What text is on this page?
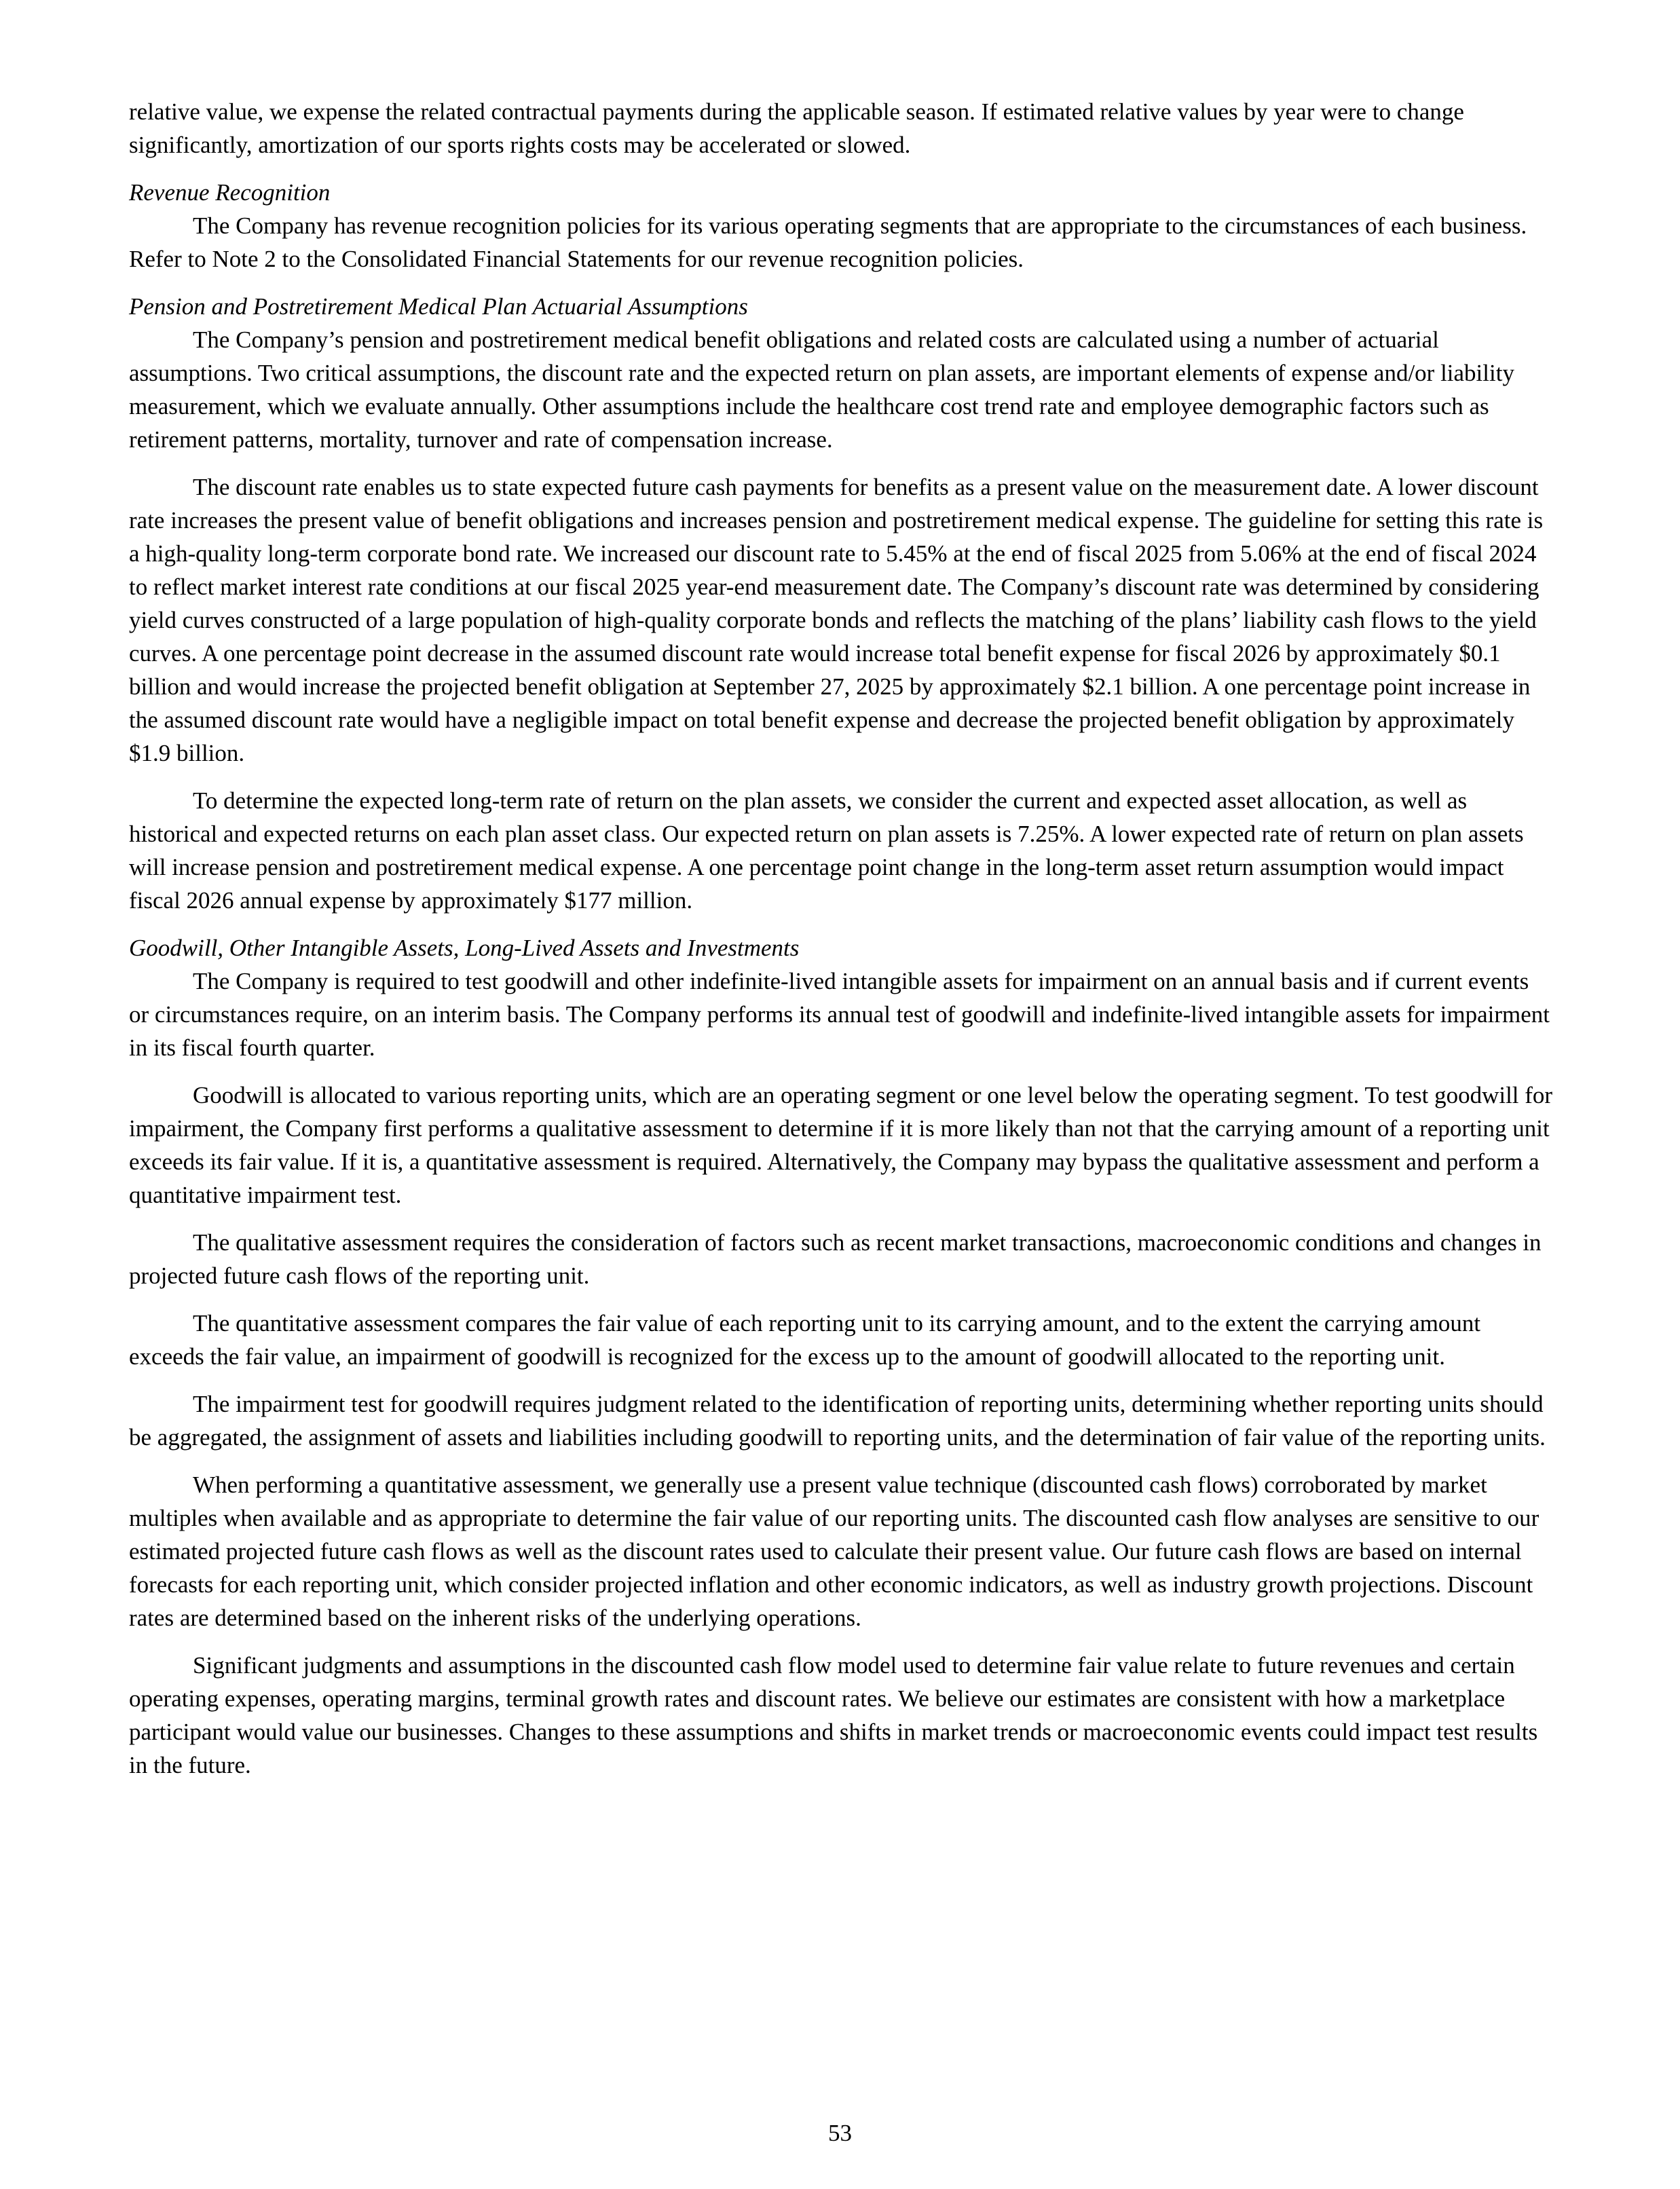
relative value, we expense the related contractual payments during the applicable season. If estimated relative values by year were to change significantly, amortization of our sports rights costs may be accelerated or slowed.

Revenue Recognition

The Company has revenue recognition policies for its various operating segments that are appropriate to the circumstances of each business. Refer to Note 2 to the Consolidated Financial Statements for our revenue recognition policies.

Pension and Postretirement Medical Plan Actuarial Assumptions

The Company’s pension and postretirement medical benefit obligations and related costs are calculated using a number of actuarial assumptions. Two critical assumptions, the discount rate and the expected return on plan assets, are important elements of expense and/or liability measurement, which we evaluate annually. Other assumptions include the healthcare cost trend rate and employee demographic factors such as retirement patterns, mortality, turnover and rate of compensation increase.

The discount rate enables us to state expected future cash payments for benefits as a present value on the measurement date. A lower discount rate increases the present value of benefit obligations and increases pension and postretirement medical expense. The guideline for setting this rate is a high-quality long-term corporate bond rate. We increased our discount rate to 5.45% at the end of fiscal 2025 from 5.06% at the end of fiscal 2024 to reflect market interest rate conditions at our fiscal 2025 year-end measurement date. The Company’s discount rate was determined by considering yield curves constructed of a large population of high-quality corporate bonds and reflects the matching of the plans’ liability cash flows to the yield curves. A one percentage point decrease in the assumed discount rate would increase total benefit expense for fiscal 2026 by approximately $0.1 billion and would increase the projected benefit obligation at September 27, 2025 by approximately $2.1 billion. A one percentage point increase in the assumed discount rate would have a negligible impact on total benefit expense and decrease the projected benefit obligation by approximately $1.9 billion.

To determine the expected long-term rate of return on the plan assets, we consider the current and expected asset allocation, as well as historical and expected returns on each plan asset class. Our expected return on plan assets is 7.25%. A lower expected rate of return on plan assets will increase pension and postretirement medical expense. A one percentage point change in the long-term asset return assumption would impact fiscal 2026 annual expense by approximately $177 million.

Goodwill, Other Intangible Assets, Long-Lived Assets and Investments

The Company is required to test goodwill and other indefinite-lived intangible assets for impairment on an annual basis and if current events or circumstances require, on an interim basis. The Company performs its annual test of goodwill and indefinite-lived intangible assets for impairment in its fiscal fourth quarter.

Goodwill is allocated to various reporting units, which are an operating segment or one level below the operating segment. To test goodwill for impairment, the Company first performs a qualitative assessment to determine if it is more likely than not that the carrying amount of a reporting unit exceeds its fair value. If it is, a quantitative assessment is required. Alternatively, the Company may bypass the qualitative assessment and perform a quantitative impairment test.

The qualitative assessment requires the consideration of factors such as recent market transactions, macroeconomic conditions and changes in projected future cash flows of the reporting unit.

The quantitative assessment compares the fair value of each reporting unit to its carrying amount, and to the extent the carrying amount exceeds the fair value, an impairment of goodwill is recognized for the excess up to the amount of goodwill allocated to the reporting unit.

The impairment test for goodwill requires judgment related to the identification of reporting units, determining whether reporting units should be aggregated, the assignment of assets and liabilities including goodwill to reporting units, and the determination of fair value of the reporting units.

When performing a quantitative assessment, we generally use a present value technique (discounted cash flows) corroborated by market multiples when available and as appropriate to determine the fair value of our reporting units. The discounted cash flow analyses are sensitive to our estimated projected future cash flows as well as the discount rates used to calculate their present value. Our future cash flows are based on internal forecasts for each reporting unit, which consider projected inflation and other economic indicators, as well as industry growth projections. Discount rates are determined based on the inherent risks of the underlying operations.

Significant judgments and assumptions in the discounted cash flow model used to determine fair value relate to future revenues and certain operating expenses, operating margins, terminal growth rates and discount rates. We believe our estimates are consistent with how a marketplace participant would value our businesses. Changes to these assumptions and shifts in market trends or macroeconomic events could impact test results in the future.

53
